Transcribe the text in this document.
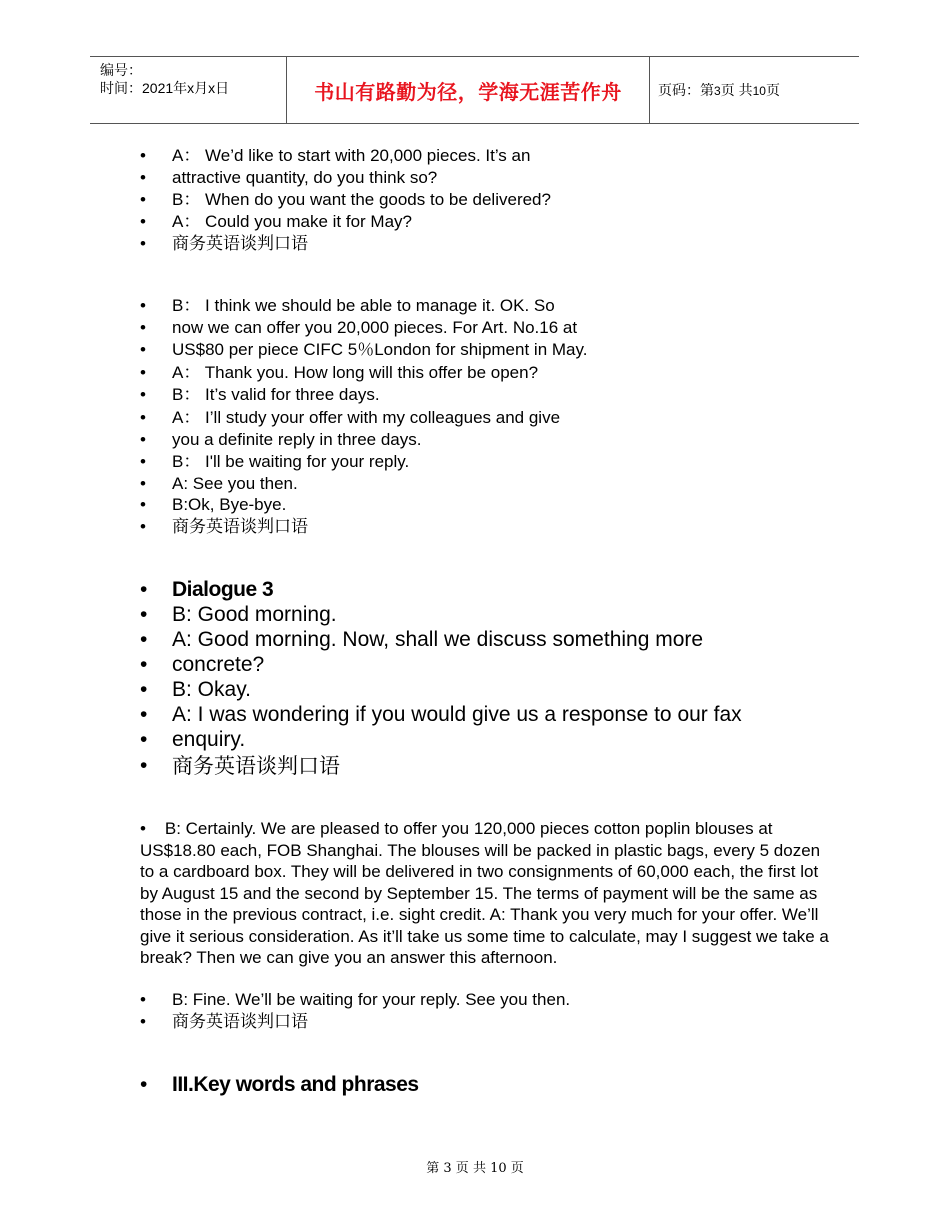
编号：
时间：2021年x月x日	书山有路勤为径，学海无涯苦作舟	页码：第3页 共10页
• A： We’d like to start with 20,000 pieces. It’s an
• attractive quantity, do you think so?
• B： When do you want the goods to be delivered?
• A： Could you make it for May?
• 商务英语谈判口语
• B： I think we should be able to manage it. OK. So
• now we can offer you 20,000 pieces. For Art. No.16 at
• US$80 per piece CIFC 5％London for shipment in May.
• A： Thank you. How long will this offer be open?
• B： It’s valid for three days.
• A： I’ll study your offer with my colleagues and give
• you a definite reply in three days.
• B： I'll be waiting for your reply.
• A: See you then.
• B:Ok, Bye-bye.
• 商务英语谈判口语
• Dialogue 3
• B: Good morning.
• A: Good morning. Now, shall we discuss something more
• concrete?
• B: Okay.
• A: I was wondering if you would give us a response to our fax
• enquiry.
• 商务英语谈判口语
• B: Certainly. We are pleased to offer you 120,000 pieces cotton poplin blouses at US$18.80 each, FOB Shanghai. The blouses will be packed in plastic bags, every 5 dozen to a cardboard box. They will be delivered in two consignments of 60,000 each, the first lot by August 15 and the second by September 15. The terms of payment will be the same as those in the previous contract, i.e. sight credit. A: Thank you very much for your offer. We’ll give it serious consideration. As it’ll take us some time to calculate, may I suggest we take a break? Then we can give you an answer this afternoon.
• B: Fine. We’ll be waiting for your reply. See you then.
• 商务英语谈判口语
• III.Key words and phrases
第 3 页 共 10 页
